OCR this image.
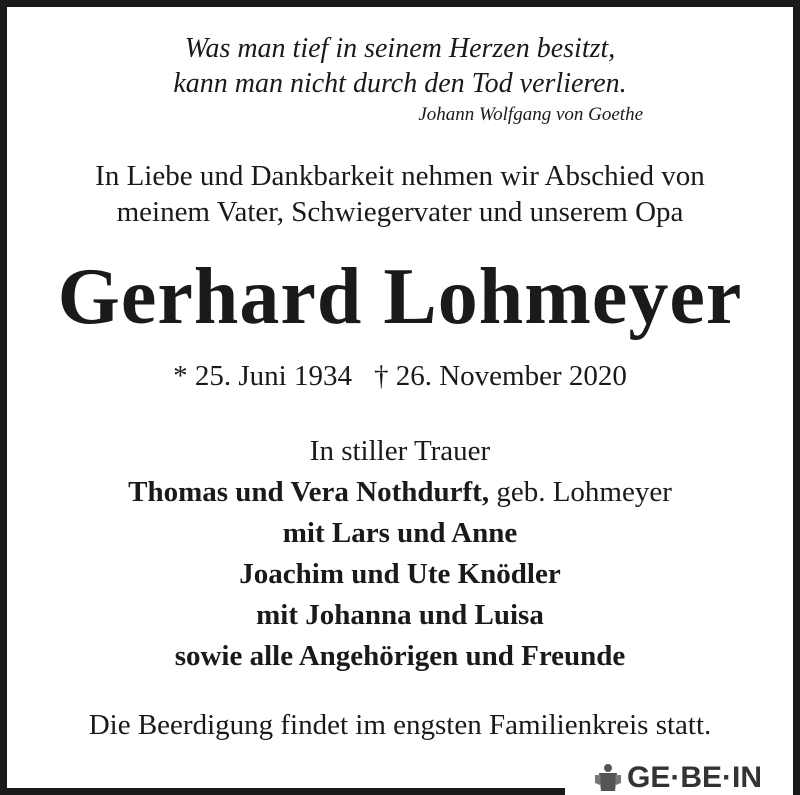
Was man tief in seinem Herzen besitzt,
kann man nicht durch den Tod verlieren.
Johann Wolfgang von Goethe
In Liebe und Dankbarkeit nehmen wir Abschied von
meinem Vater, Schwiegervater und unserem Opa
Gerhard Lohmeyer
* 25. Juni 1934 † 26. November 2020
In stiller Trauer
Thomas und Vera Nothdurft, geb. Lohmeyer
mit Lars und Anne
Joachim und Ute Knödler
mit Johanna und Luisa
sowie alle Angehörigen und Freunde
Die Beerdigung findet im engsten Familienkreis statt.
GE·BE·IN
